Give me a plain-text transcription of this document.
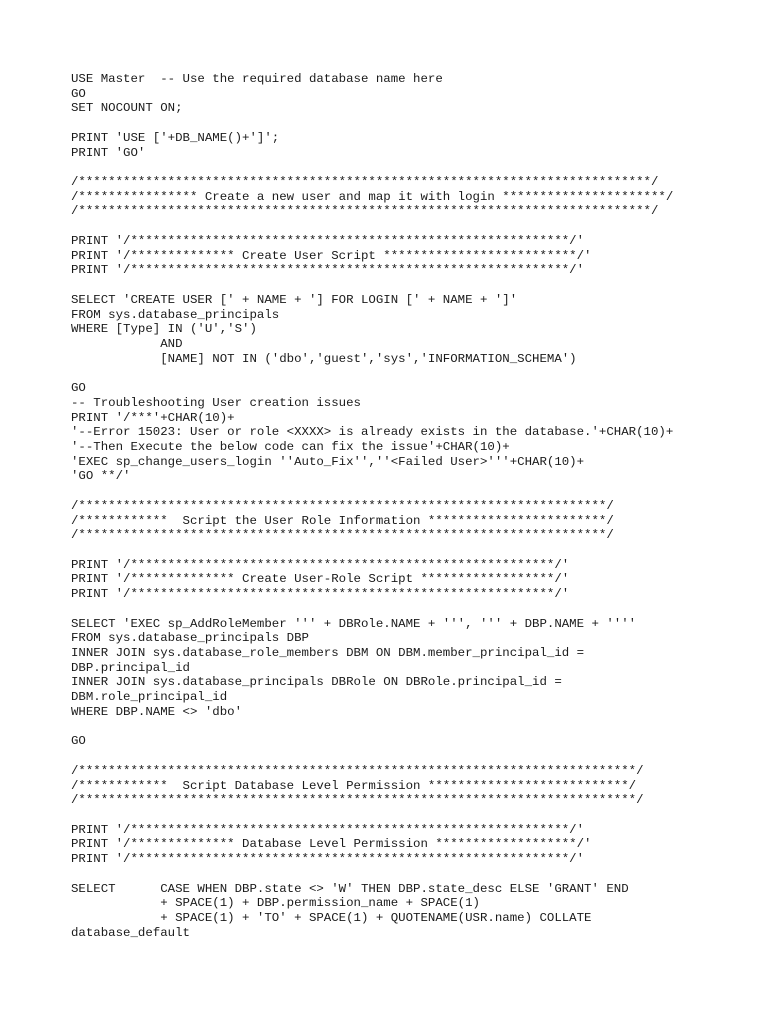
USE Master  -- Use the required database name here
GO
SET NOCOUNT ON;
PRINT 'USE ['+DB_NAME()+']';
PRINT 'GO'
/*****************************************************************************/
/**************** Create a new user and map it with login **********************/
/*****************************************************************************/
PRINT '/***********************************************************/'
PRINT '/************** Create User Script **************************/'
PRINT '/***********************************************************/'
SELECT 'CREATE USER [' + NAME + '] FOR LOGIN [' + NAME + ']'
FROM sys.database_principals
WHERE [Type] IN ('U','S')
AND
[NAME] NOT IN ('dbo','guest','sys','INFORMATION_SCHEMA')
GO
-- Troubleshooting User creation issues
PRINT '/***'+CHAR(10)+
'--Error 15023: User or role <XXXX> is already exists in the database.'+CHAR(10)+
'--Then Execute the below code can fix the issue'+CHAR(10)+
'EXEC sp_change_users_login ''Auto_Fix'',''<Failed User>'''+CHAR(10)+
'GO **/'
/***********************************************************************/
/************  Script the User Role Information ************************/
/***********************************************************************/
PRINT '/*********************************************************/'
PRINT '/************** Create User-Role Script ******************/'
PRINT '/*********************************************************/'
SELECT 'EXEC sp_AddRoleMember ''' + DBRole.NAME + ''', ''' + DBP.NAME + ''''
FROM sys.database_principals DBP
INNER JOIN sys.database_role_members DBM ON DBM.member_principal_id =
DBP.principal_id
INNER JOIN sys.database_principals DBRole ON DBRole.principal_id =
DBM.role_principal_id
WHERE DBP.NAME <> 'dbo'
GO
/***************************************************************************/
/************  Script Database Level Permission ***************************/
/***************************************************************************/
PRINT '/***********************************************************/'
PRINT '/************** Database Level Permission *******************/'
PRINT '/***********************************************************/'
SELECT      CASE WHEN DBP.state <> 'W' THEN DBP.state_desc ELSE 'GRANT' END
+ SPACE(1) + DBP.permission_name + SPACE(1)
+ SPACE(1) + 'TO' + SPACE(1) + QUOTENAME(USR.name) COLLATE
database_default
